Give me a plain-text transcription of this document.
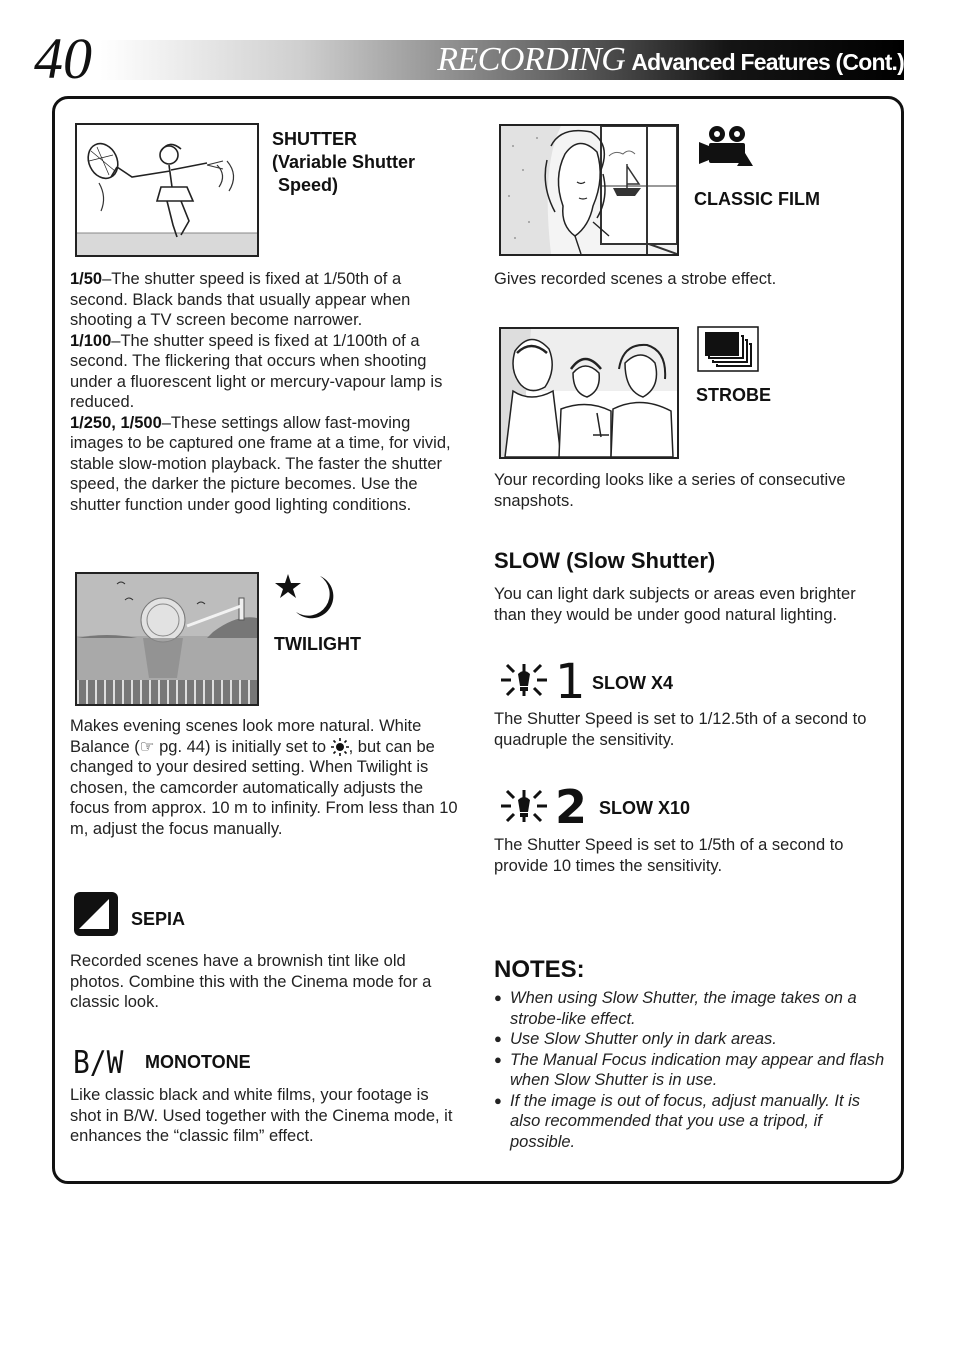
40	RECORDING Advanced Features (Cont.)
SHUTTER
(Variable Shutter
Speed)
1/50–The shutter speed is fixed at 1/50th of a second. Black bands that usually appear when shooting a TV screen become narrower.
1/100–The shutter speed is fixed at 1/100th of a second. The flickering that occurs when shooting under a fluorescent light or mercury-vapour lamp is reduced.
1/250, 1/500–These settings allow fast-moving images to be captured one frame at a time, for vivid, stable slow-motion playback. The faster the shutter speed, the darker the picture becomes. Use the shutter function under good lighting conditions.
TWILIGHT
Makes evening scenes look more natural. White Balance (☞ pg. 44) is initially set to , but can be changed to your desired setting. When Twilight is chosen, the camcorder automatically adjusts the focus from approx. 10 m to infinity. From less than 10 m, adjust the focus manually.
SEPIA
Recorded scenes have a brownish tint like old photos. Combine this with the Cinema mode for a classic look.
B/W MONOTONE
Like classic black and white films, your footage is shot in B/W. Used together with the Cinema mode, it enhances the “classic film” effect.
CLASSIC FILM
Gives recorded scenes a strobe effect.
STROBE
Your recording looks like a series of consecutive snapshots.
SLOW (Slow Shutter)
You can light dark subjects or areas even brighter than they would be under good natural lighting.
1 SLOW X4
The Shutter Speed is set to 1/12.5th of a second to quadruple the sensitivity.
2 SLOW X10
The Shutter Speed is set to 1/5th of a second to provide 10 times the sensitivity.
NOTES:
● When using Slow Shutter, the image takes on a strobe-like effect.
● Use Slow Shutter only in dark areas.
● The Manual Focus indication may appear and flash when Slow Shutter is in use.
● If the image is out of focus, adjust manually. It is also recommended that you use a tripod, if possible.
